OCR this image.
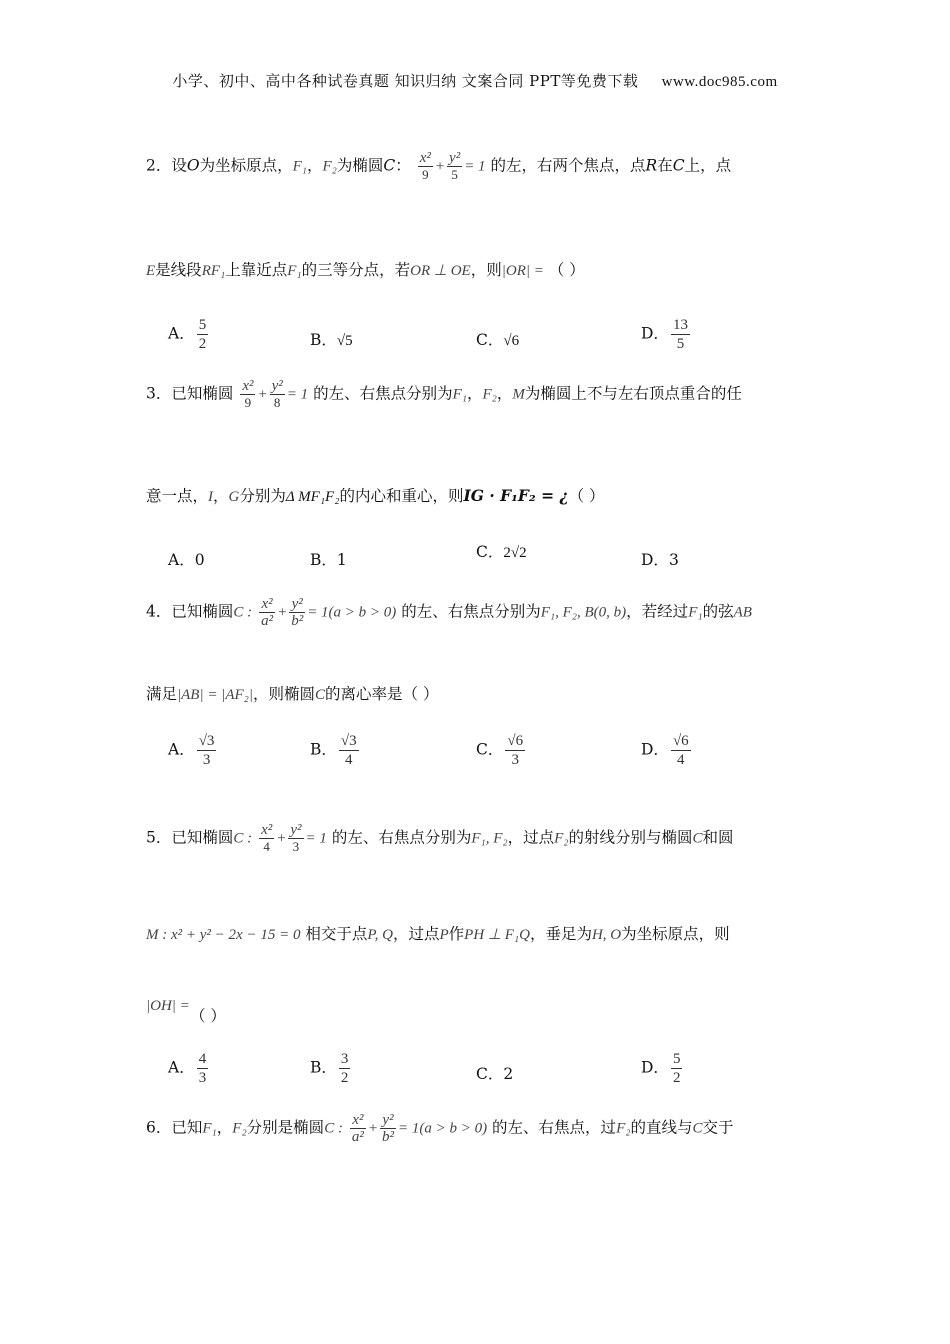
小学、初中、高中各种试卷真题 知识归纳 文案合同 PPT等免费下载 www.doc985.com
2．设O为坐标原点，F₁，F₂为椭圆C： $\frac{\text{x²}}{9} + \frac{\text{y²}}{5} = 1$ 的左，右两个焦点，点R在C上，点
E是线段RF₁上靠近点F₁的三等分点，若OR ⊥ OE，则|OR| = （ ）
A． $\frac{5}{2}$	B．√5	C．√6	D． $\frac{13}{5}$
3．已知椭圆 $\frac{\text{x²}}{9} + \frac{\text{y²}}{8} = 1$ 的左、右焦点分别为F₁，F₂，M为椭圆上不与左右顶点重合的任
意一点，I，G分别为Δ MF₁F₂的内心和重心，则IG · F₁F₂ = ¿（ ）
A．0	B．1	C．2√2	D．3
4．已知椭圆C : $\frac{\text{x²}}{\text{a²}} + \frac{\text{y²}}{\text{b²}} = 1(a > b > 0)$ 的左、右焦点分别为F₁, F₂, B(0, b)，若经过F₁的弦AB
满足|AB| = |AF₂|，则椭圆C的离心率是（ ）
A． $\frac{√3}{3}$	B． $\frac{√3}{4}$	C． $\frac{√6}{3}$	D． $\frac{√6}{4}$
5．已知椭圆C : $\frac{\text{x²}}{4} + \frac{\text{y²}}{3} = 1$ 的左、右焦点分别为F₁, F₂，过点F₂的射线分别与椭圆C和圆
M : x² + y² − 2x − 15 = 0 相交于点P, Q，过点P作PH ⊥ F₁Q，垂足为H, O为坐标原点，则
|OH| =
（ ）
A． $\frac{4}{3}$	B． $\frac{3}{2}$	C．2	D． $\frac{5}{2}$
6．已知F₁，F₂分别是椭圆C : $\frac{\text{x²}}{\text{a²}} + \frac{\text{y²}}{\text{b²}} = 1(a > b > 0)$ 的左、右焦点，过F₂的直线与C交于
